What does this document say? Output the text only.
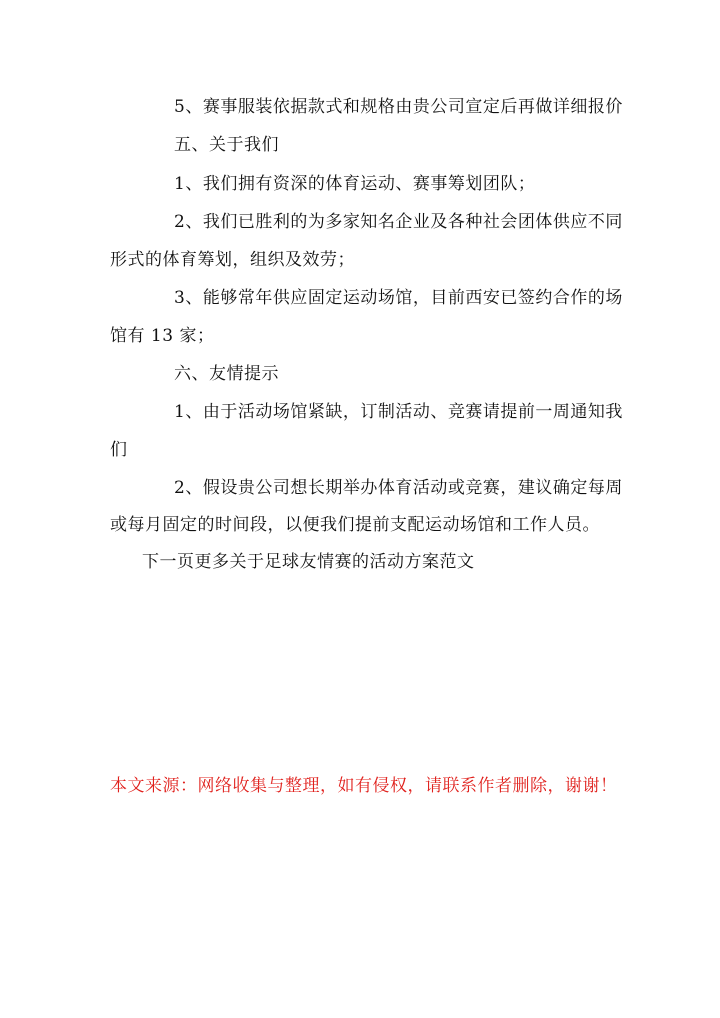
5、赛事服装依据款式和规格由贵公司宣定后再做详细报价
五、关于我们
1、我们拥有资深的体育运动、赛事筹划团队；
2、我们已胜利的为多家知名企业及各种社会团体供应不同
形式的体育筹划，组织及效劳；
3、能够常年供应固定运动场馆，目前西安已签约合作的场
馆有 13 家；
六、友情提示
1、由于活动场馆紧缺，订制活动、竞赛请提前一周通知我
们
2、假设贵公司想长期举办体育活动或竞赛，建议确定每周
或每月固定的时间段，以便我们提前支配运动场馆和工作人员。
下一页更多关于足球友情赛的活动方案范文
本文来源：网络收集与整理，如有侵权，请联系作者删除，谢谢！
